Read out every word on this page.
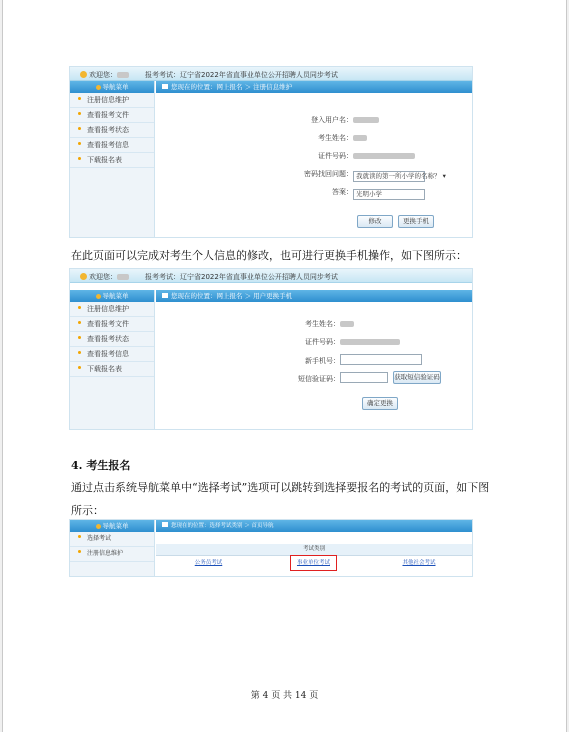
欢迎您：	报考考试：辽宁省2022年省直事业单位公开招聘人员同步考试
导航菜单
注册信息维护
查看报考文件
查看报考状态
查看报考信息
下载报名表
您现在的位置：网上报名 ＞ 注册信息维护
登入用户名：
考生姓名：
证件号码：
密码找回问题： 我就读的第一所小学的名称？ ▾
答案： 光明小学
修改	更换手机
在此页面可以完成对考生个人信息的修改，也可进行更换手机操作，如下图所示：
欢迎您：	报考考试：辽宁省2022年省直事业单位公开招聘人员同步考试
导航菜单
注册信息维护
查看报考文件
查看报考状态
查看报考信息
下载报名表
您现在的位置：网上报名 ＞ 用户更换手机
考生姓名：
证件号码：
新手机号：
短信验证码：	获取短信验证码
确定更换
4. 考生报名
通过点击系统导航菜单中“选择考试”选项可以跳转到选择要报名的考试的页面，如下图
所示：
导航菜单
选择考试
注册信息维护
您现在的位置：选择考试类别 ＞ 首页导航
考试类别
公务员考试	事业单位考试	其他社会考试
第 4 页 共 14 页
